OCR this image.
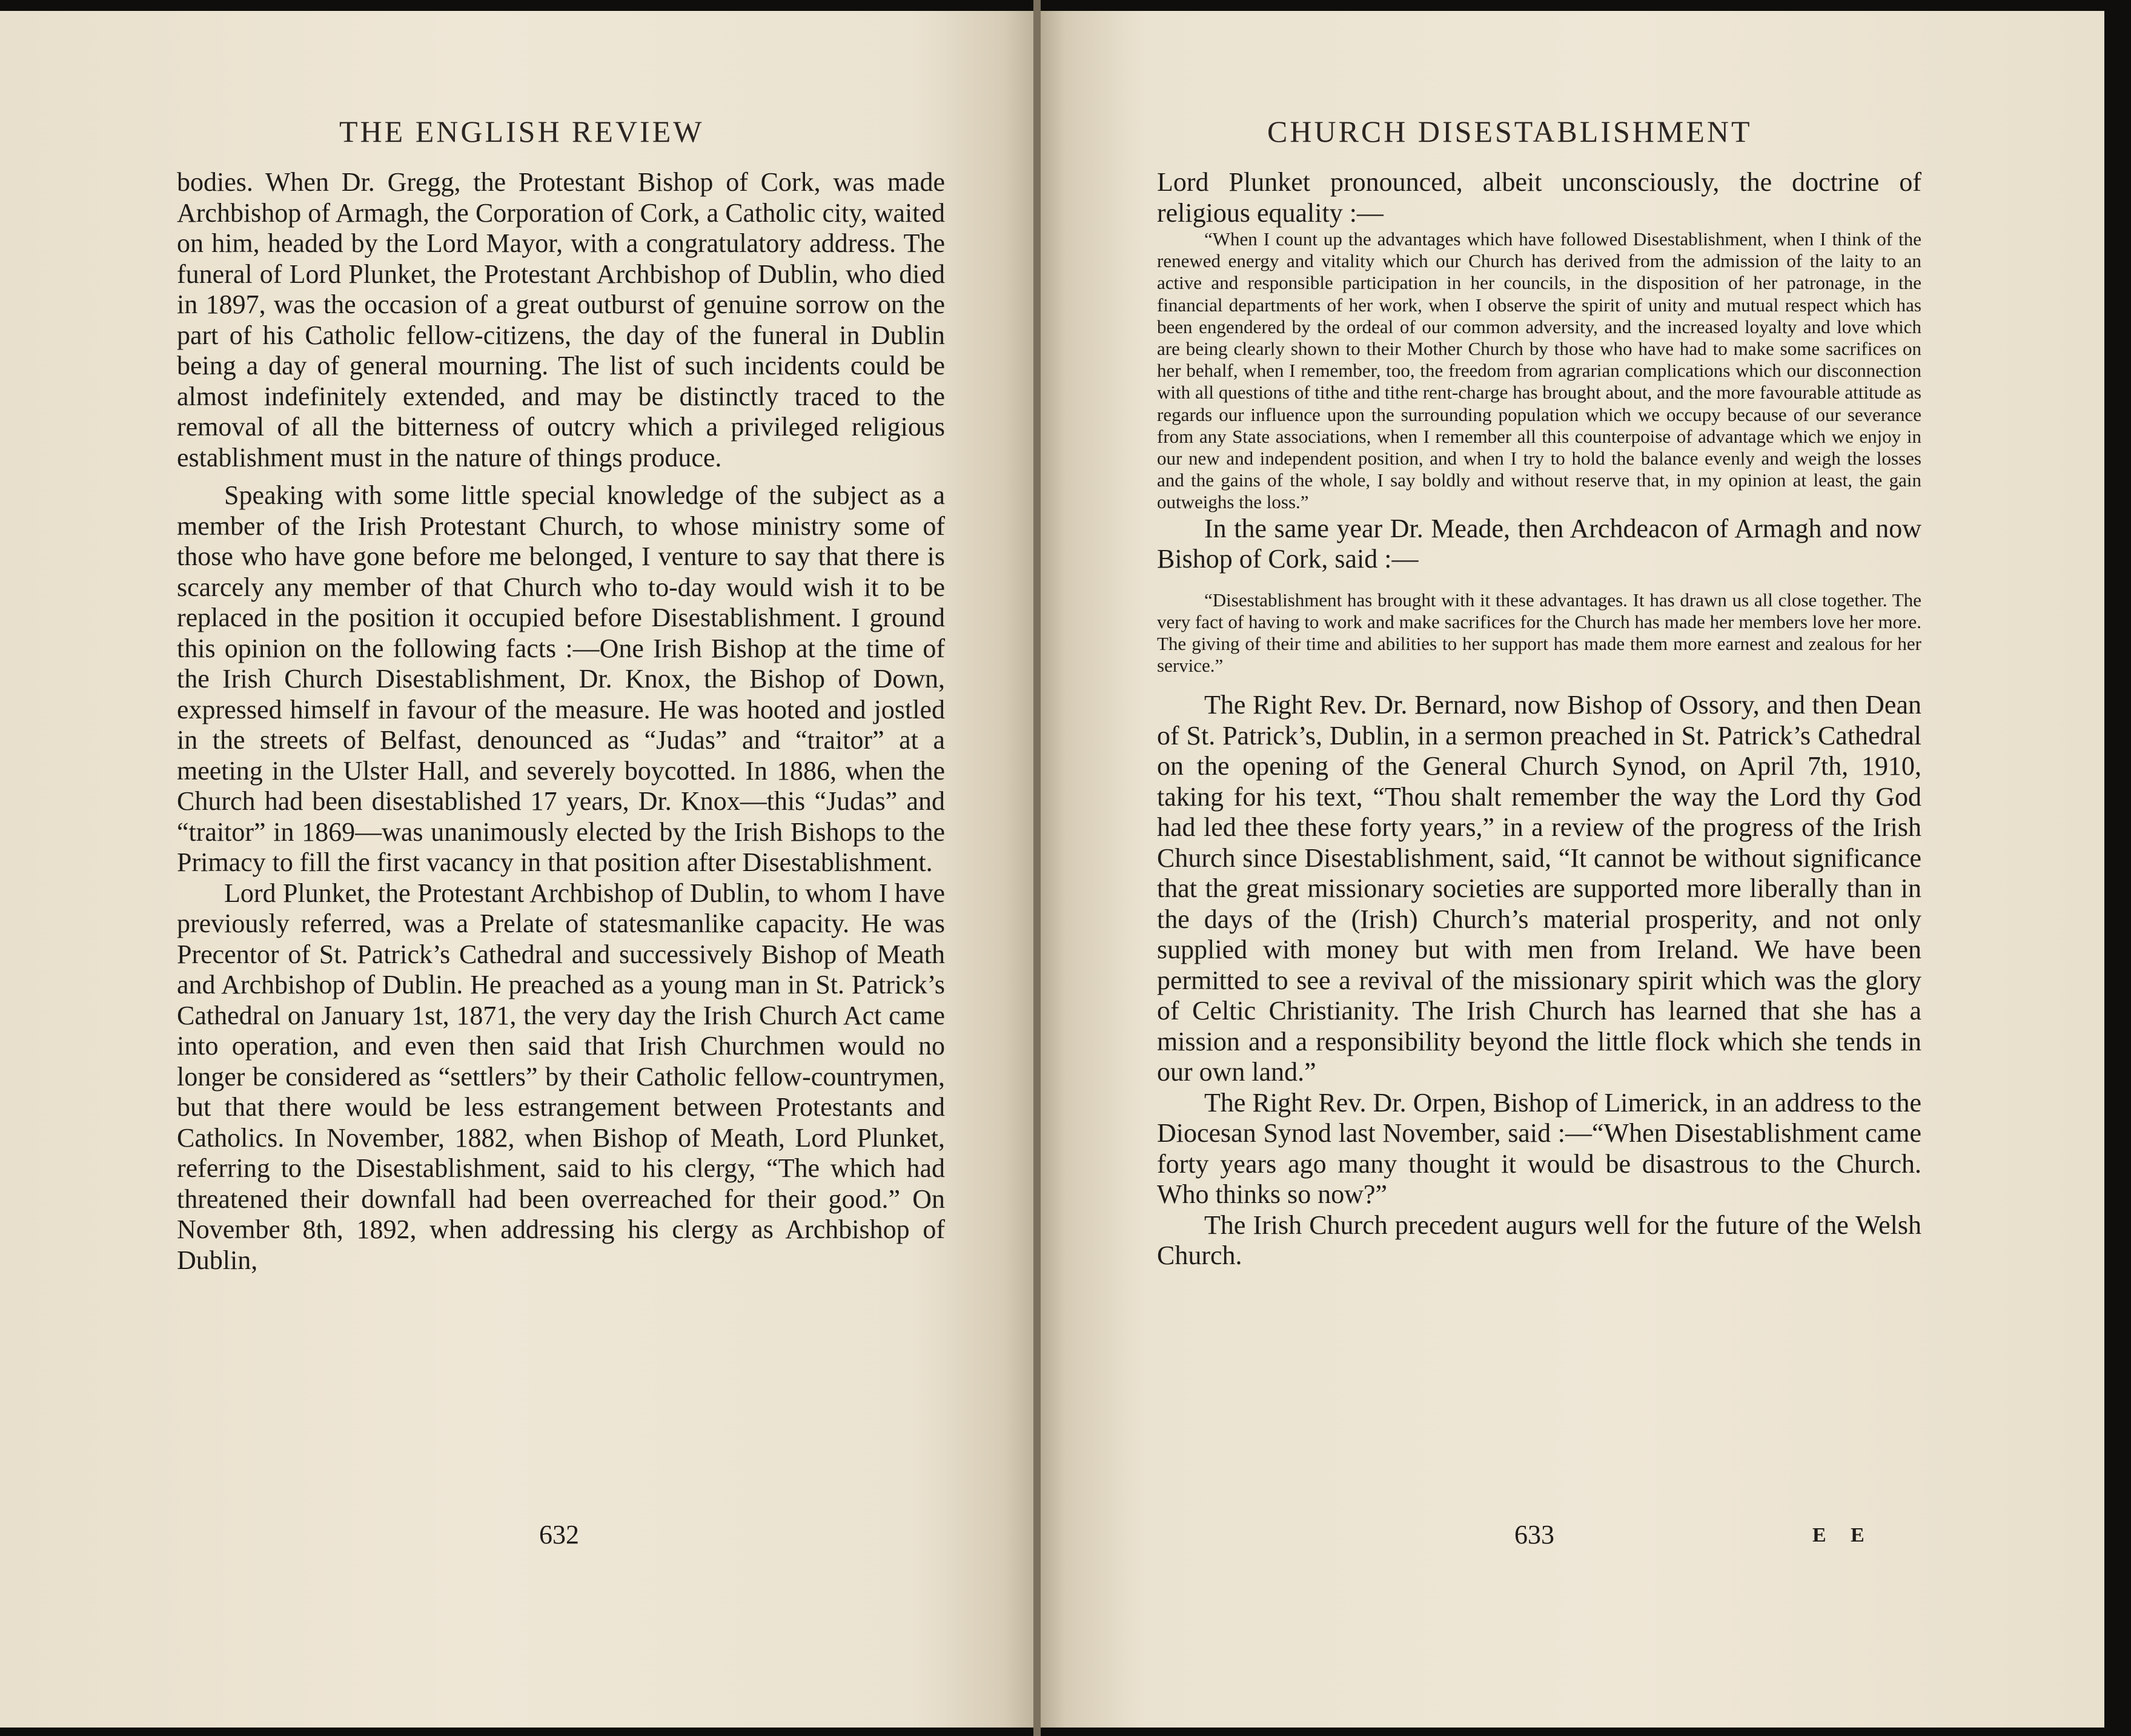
THE ENGLISH REVIEW	CHURCH DISESTABLISHMENT

bodies. When Dr. Gregg, the Protestant Bishop of Cork, was made Archbishop of Armagh, the Corporation of Cork, a Catholic city, waited on him, headed by the Lord Mayor, with a congratulatory address. The funeral of Lord Plunket, the Protestant Archbishop of Dublin, who died in 1897, was the occasion of a great outburst of genuine sorrow on the part of his Catholic fellow-citizens, the day of the funeral in Dublin being a day of general mourning. The list of such incidents could be almost indefinitely extended, and may be distinctly traced to the removal of all the bitterness of outcry which a privileged religious establishment must in the nature of things produce.

Speaking with some little special knowledge of the subject as a member of the Irish Protestant Church, to whose ministry some of those who have gone before me belonged, I venture to say that there is scarcely any member of that Church who to-day would wish it to be replaced in the position it occupied before Disestablishment. I ground this opinion on the following facts :—One Irish Bishop at the time of the Irish Church Disestablishment, Dr. Knox, the Bishop of Down, expressed himself in favour of the measure. He was hooted and jostled in the streets of Belfast, denounced as “Judas” and “traitor” at a meeting in the Ulster Hall, and severely boycotted. In 1886, when the Church had been disestablished 17 years, Dr. Knox—this “Judas” and “traitor” in 1869—was unanimously elected by the Irish Bishops to the Primacy to fill the first vacancy in that position after Disestablishment.

Lord Plunket, the Protestant Archbishop of Dublin, to whom I have previously referred, was a Prelate of statesmanlike capacity. He was Precentor of St. Patrick’s Cathedral and successively Bishop of Meath and Archbishop of Dublin. He preached as a young man in St. Patrick’s Cathedral on January 1st, 1871, the very day the Irish Church Act came into operation, and even then said that Irish Churchmen would no longer be considered as “settlers” by their Catholic fellow-countrymen, but that there would be less estrangement between Protestants and Catholics. In November, 1882, when Bishop of Meath, Lord Plunket, referring to the Disestablishment, said to his clergy, “The which had threatened their downfall had been overreached for their good.” On November 8th, 1892, when addressing his clergy as Archbishop of Dublin,

Lord Plunket pronounced, albeit unconsciously, the doctrine of religious equality :—

“When I count up the advantages which have followed Disestablishment, when I think of the renewed energy and vitality which our Church has derived from the admission of the laity to an active and responsible participation in her councils, in the disposition of her patronage, in the financial departments of her work, when I observe the spirit of unity and mutual respect which has been engendered by the ordeal of our common adversity, and the increased loyalty and love which are being clearly shown to their Mother Church by those who have had to make some sacrifices on her behalf, when I remember, too, the freedom from agrarian complications which our disconnection with all questions of tithe and tithe rent-charge has brought about, and the more favourable attitude as regards our influence upon the surrounding population which we occupy because of our severance from any State associations, when I remember all this counterpoise of advantage which we enjoy in our new and independent position, and when I try to hold the balance evenly and weigh the losses and the gains of the whole, I say boldly and without reserve that, in my opinion at least, the gain outweighs the loss.”

In the same year Dr. Meade, then Archdeacon of Armagh and now Bishop of Cork, said :—

“Disestablishment has brought with it these advantages. It has drawn us all close together. The very fact of having to work and make sacrifices for the Church has made her members love her more. The giving of their time and abilities to her support has made them more earnest and zealous for her service.”

The Right Rev. Dr. Bernard, now Bishop of Ossory, and then Dean of St. Patrick’s, Dublin, in a sermon preached in St. Patrick’s Cathedral on the opening of the General Church Synod, on April 7th, 1910, taking for his text, “Thou shalt remember the way the Lord thy God had led thee these forty years,” in a review of the progress of the Irish Church since Disestablishment, said, “It cannot be without significance that the great missionary societies are supported more liberally than in the days of the (Irish) Church’s material prosperity, and not only supplied with money but with men from Ireland. We have been permitted to see a revival of the missionary spirit which was the glory of Celtic Christianity. The Irish Church has learned that she has a mission and a responsibility beyond the little flock which she tends in our own land.”

The Right Rev. Dr. Orpen, Bishop of Limerick, in an address to the Diocesan Synod last November, said :—“When Disestablishment came forty years ago many thought it would be disastrous to the Church. Who thinks so now?”

The Irish Church precedent augurs well for the future of the Welsh Church.

632	633	E E
